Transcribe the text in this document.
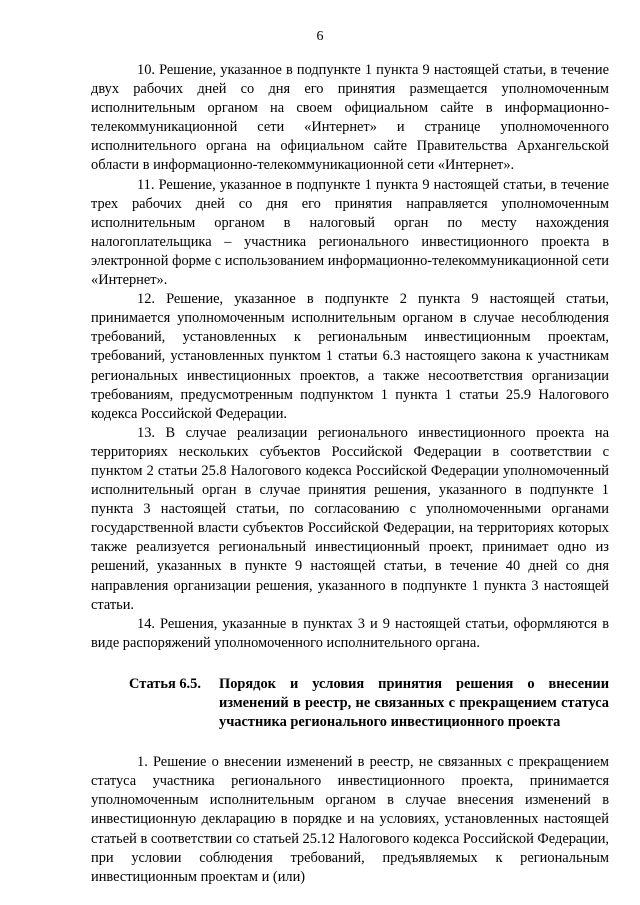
6

10. Решение, указанное в подпункте 1 пункта 9 настоящей статьи, в течение двух рабочих дней со дня его принятия размещается уполномоченным исполнительным органом на своем официальном сайте в информационно-телекоммуникационной сети «Интернет» и странице уполномоченного исполнительного органа на официальном сайте Правительства Архангельской области в информационно-телекоммуникационной сети «Интернет».

11. Решение, указанное в подпункте 1 пункта 9 настоящей статьи, в течение трех рабочих дней со дня его принятия направляется уполномоченным исполнительным органом в налоговый орган по месту нахождения налогоплательщика – участника регионального инвестиционного проекта в электронной форме с использованием информационно-телекоммуникационной сети «Интернет».

12. Решение, указанное в подпункте 2 пункта 9 настоящей статьи, принимается уполномоченным исполнительным органом в случае несоблюдения требований, установленных к региональным инвестиционным проектам, требований, установленных пунктом 1 статьи 6.3 настоящего закона к участникам региональных инвестиционных проектов, а также несоответствия организации требованиям, предусмотренным подпунктом 1 пункта 1 статьи 25.9 Налогового кодекса Российской Федерации.

13. В случае реализации регионального инвестиционного проекта на территориях нескольких субъектов Российской Федерации в соответствии с пунктом 2 статьи 25.8 Налогового кодекса Российской Федерации уполномоченный исполнительный орган в случае принятия решения, указанного в подпункте 1 пункта 3 настоящей статьи, по согласованию с уполномоченными органами государственной власти субъектов Российской Федерации, на территориях которых также реализуется региональный инвестиционный проект, принимает одно из решений, указанных в пункте 9 настоящей статьи, в течение 40 дней со дня направления организации решения, указанного в подпункте 1 пункта 3 настоящей статьи.

14. Решения, указанные в пунктах 3 и 9 настоящей статьи, оформляются в виде распоряжений уполномоченного исполнительного органа.

Статья 6.5.	Порядок и условия принятия решения о внесении изменений в реестр, не связанных с прекращением статуса участника регионального инвестиционного проекта

1. Решение о внесении изменений в реестр, не связанных с прекращением статуса участника регионального инвестиционного проекта, принимается уполномоченным исполнительным органом в случае внесения изменений в инвестиционную декларацию в порядке и на условиях, установленных настоящей статьей в соответствии со статьей 25.12 Налогового кодекса Российской Федерации, при условии соблюдения требований, предъявляемых к региональным инвестиционным проектам и (или)
